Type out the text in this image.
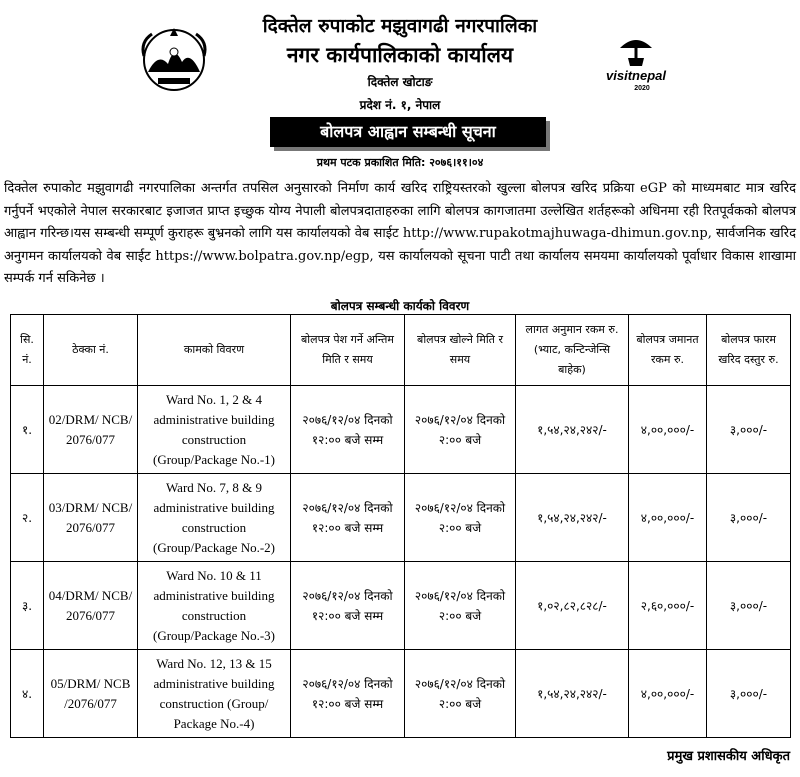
visitnepal
2020
दिक्तेल रुपाकोट मझुवागढी नगरपालिका
नगर कार्यपालिकाको कार्यालय
दिक्तेल खोटाङ
प्रदेश नं. १, नेपाल
बोलपत्र आह्वान सम्बन्धी सूचना
प्रथम पटक प्रकाशित मिति: २०७६।११।०४
दिक्तेल रुपाकोट मझुवागढी नगरपालिका अन्तर्गत तपसिल अनुसारको निर्माण कार्य खरिद राष्ट्रियस्तरको खुल्ला बोलपत्र खरिद प्रक्रिया eGP को माध्यमबाट मात्र खरिद गर्नुपर्ने भएकोले नेपाल सरकारबाट इजाजत प्राप्त इच्छुक योग्य नेपाली बोलपत्रदाताहरुका लागि बोलपत्र कागजातमा उल्लेखित शर्तहरूको अधिनमा रही रितपूर्वकको बोलपत्र आह्वान गरिन्छ।यस सम्बन्धी सम्पूर्ण कुराहरू बुभ्रनको लागि यस कार्यालयको वेब साईट http://www.rupakotmajhuwaga-dhimun.gov.np, सार्वजनिक खरिद अनुगमन कार्यालयको वेब साईट https://www.bolpatra.gov.np/egp, यस कार्यालयको सूचना पाटी तथा कार्यालय समयमा कार्यालयको पूर्वाधार विकास शाखामा सम्पर्क गर्न सकिनेछ ।
बोलपत्र सम्बन्धी कार्यको विवरण
सि. नं.	ठेक्का नं.	कामको विवरण	बोलपत्र पेश गर्ने अन्तिम मिति र समय	बोलपत्र खोल्ने मिति र समय	लागत अनुमान रकम रु. (भ्याट, कन्टिन्जेन्सि बाहेक)	बोलपत्र जमानत रकम रु.	बोलपत्र फारम खरिद दस्तुर रु.
१.	02/DRM/ NCB/ 2076/077	Ward No. 1, 2 & 4 administrative building construction (Group/Package No.-1)	२०७६/१२/०४ दिनको १२:०० बजे सम्म	२०७६/१२/०४ दिनको २:०० बजे	१,५४,२४,२४२/-	४,००,०००/-	३,०००/-
२.	03/DRM/ NCB/ 2076/077	Ward No. 7, 8 & 9 administrative building construction (Group/Package No.-2)	२०७६/१२/०४ दिनको १२:०० बजे सम्म	२०७६/१२/०४ दिनको २:०० बजे	१,५४,२४,२४२/-	४,००,०००/-	३,०००/-
३.	04/DRM/ NCB/ 2076/077	Ward No. 10 & 11 administrative building construction (Group/Package No.-3)	२०७६/१२/०४ दिनको १२:०० बजे सम्म	२०७६/१२/०४ दिनको २:०० बजे	१,०२,८२,८२८/-	२,६०,०००/-	३,०००/-
४.	05/DRM/ NCB /2076/077	Ward No. 12, 13 & 15 administrative building construction (Group/ Package No.-4)	२०७६/१२/०४ दिनको १२:०० बजे सम्म	२०७६/१२/०४ दिनको २:०० बजे	१,५४,२४,२४२/-	४,००,०००/-	३,०००/-
प्रमुख प्रशासकीय अधिकृत
